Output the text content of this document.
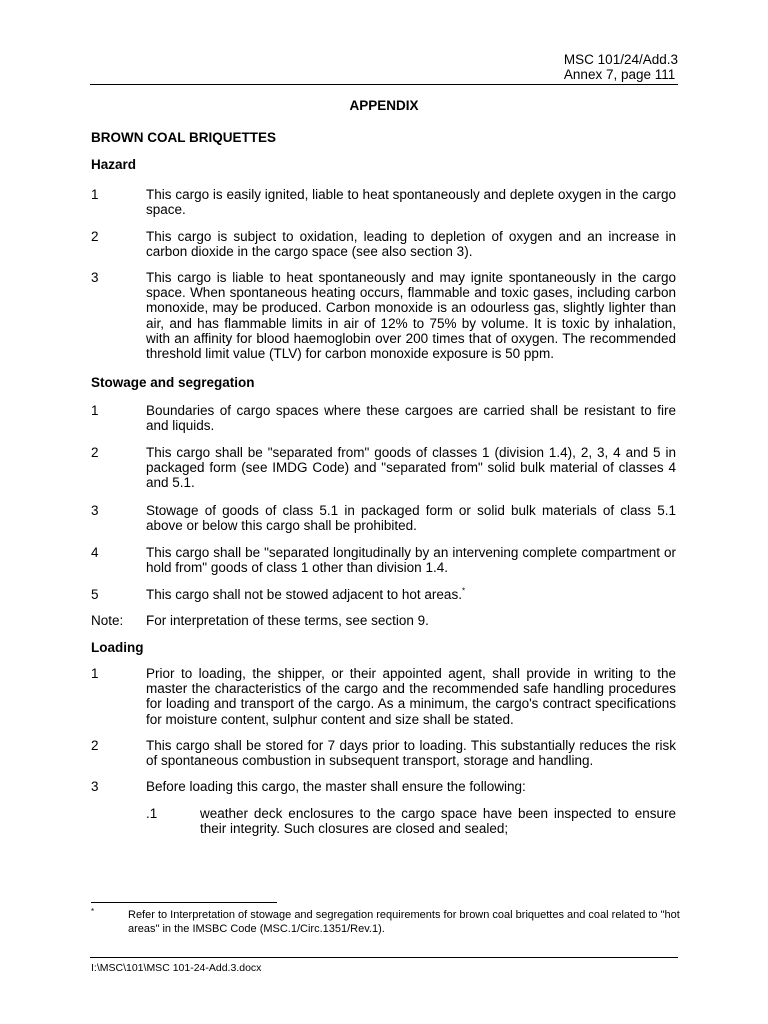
MSC 101/24/Add.3
Annex 7, page 111
APPENDIX
BROWN COAL BRIQUETTES
Hazard
1	This cargo is easily ignited, liable to heat spontaneously and deplete oxygen in the cargo space.
2	This cargo is subject to oxidation, leading to depletion of oxygen and an increase in carbon dioxide in the cargo space (see also section 3).
3	This cargo is liable to heat spontaneously and may ignite spontaneously in the cargo space. When spontaneous heating occurs, flammable and toxic gases, including carbon monoxide, may be produced. Carbon monoxide is an odourless gas, slightly lighter than air, and has flammable limits in air of 12% to 75% by volume. It is toxic by inhalation, with an affinity for blood haemoglobin over 200 times that of oxygen. The recommended threshold limit value (TLV) for carbon monoxide exposure is 50 ppm.
Stowage and segregation
1	Boundaries of cargo spaces where these cargoes are carried shall be resistant to fire and liquids.
2	This cargo shall be "separated from" goods of classes 1 (division 1.4), 2, 3, 4 and 5 in packaged form (see IMDG Code) and "separated from" solid bulk material of classes 4 and 5.1.
3	Stowage of goods of class 5.1 in packaged form or solid bulk materials of class 5.1 above or below this cargo shall be prohibited.
4	This cargo shall be "separated longitudinally by an intervening complete compartment or hold from" goods of class 1 other than division 1.4.
5	This cargo shall not be stowed adjacent to hot areas.*
Note: For interpretation of these terms, see section 9.
Loading
1	Prior to loading, the shipper, or their appointed agent, shall provide in writing to the master the characteristics of the cargo and the recommended safe handling procedures for loading and transport of the cargo. As a minimum, the cargo's contract specifications for moisture content, sulphur content and size shall be stated.
2	This cargo shall be stored for 7 days prior to loading. This substantially reduces the risk of spontaneous combustion in subsequent transport, storage and handling.
3	Before loading this cargo, the master shall ensure the following:
.1	weather deck enclosures to the cargo space have been inspected to ensure their integrity. Such closures are closed and sealed;
*	Refer to Interpretation of stowage and segregation requirements for brown coal briquettes and coal related to "hot areas" in the IMSBC Code (MSC.1/Circ.1351/Rev.1).
I:\MSC\101\MSC 101-24-Add.3.docx
